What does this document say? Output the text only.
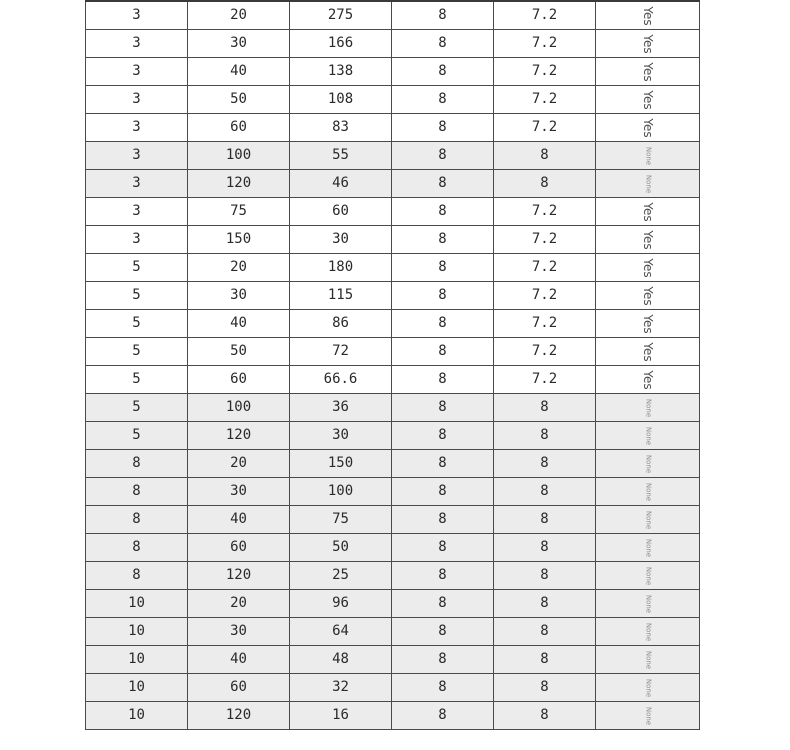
3	20	275	8	7.2	Yes

3	30	166	8	7.2	Yes

3	40	138	8	7.2	Yes

3	50	108	8	7.2	Yes

3	60	83	8	7.2	Yes

3	100	55	8	8	None

3	120	46	8	8	None

3	75	60	8	7.2	Yes

3	150	30	8	7.2	Yes

5	20	180	8	7.2	Yes

5	30	115	8	7.2	Yes

5	40	86	8	7.2	Yes

5	50	72	8	7.2	Yes

5	60	66.6	8	7.2	Yes

5	100	36	8	8	None

5	120	30	8	8	None

8	20	150	8	8	None

8	30	100	8	8	None

8	40	75	8	8	None

8	60	50	8	8	None

8	120	25	8	8	None

10	20	96	8	8	None

10	30	64	8	8	None

10	40	48	8	8	None

10	60	32	8	8	None

10	120	16	8	8	None
